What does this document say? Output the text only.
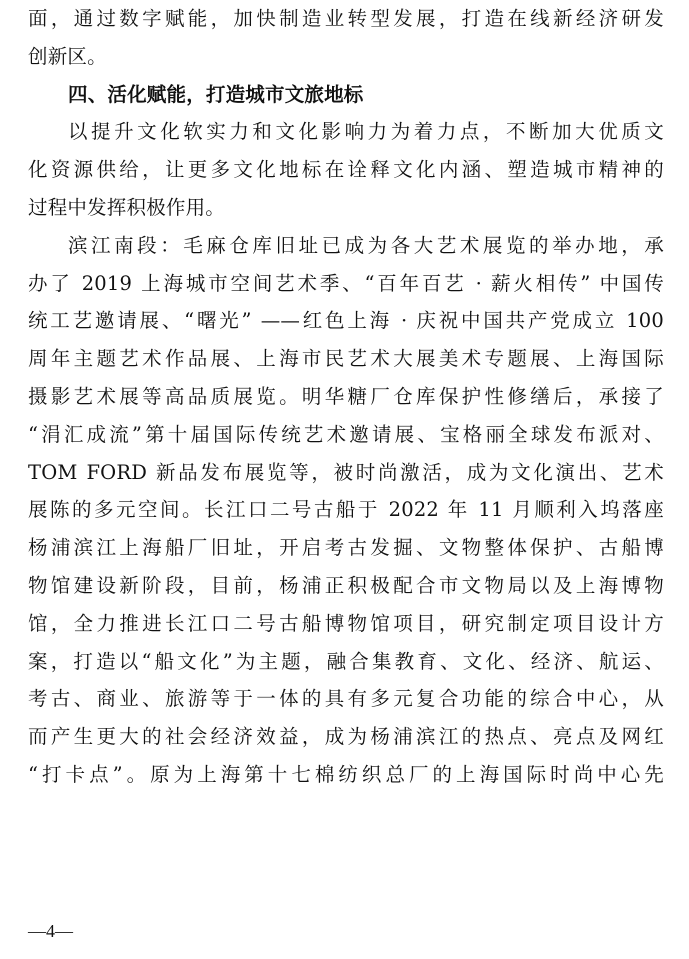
面，通过数字赋能，加快制造业转型发展，打造在线新经济研发
创新区。
四、活化赋能，打造城市文旅地标
以提升文化软实力和文化影响力为着力点，不断加大优质文
化资源供给，让更多文化地标在诠释文化内涵、塑造城市精神的
过程中发挥积极作用。
滨江南段：毛麻仓库旧址已成为各大艺术展览的举办地，承
办了 2019 上海城市空间艺术季、“百年百艺 · 薪火相传” 中国传
统工艺邀请展、“曙光” ——红色上海 · 庆祝中国共产党成立 100
周年主题艺术作品展、上海市民艺术大展美术专题展、上海国际
摄影艺术展等高品质展览。明华糖厂仓库保护性修缮后，承接了
“涓汇成流”第十届国际传统艺术邀请展、宝格丽全球发布派对、
TOM FORD 新品发布展览等，被时尚激活，成为文化演出、艺术
展陈的多元空间。长江口二号古船于 2022 年 11 月顺利入坞落座
杨浦滨江上海船厂旧址，开启考古发掘、文物整体保护、古船博
物馆建设新阶段，目前，杨浦正积极配合市文物局以及上海博物
馆，全力推进长江口二号古船博物馆项目，研究制定项目设计方
案，打造以“船文化”为主题，融合集教育、文化、经济、航运、
考古、商业、旅游等于一体的具有多元复合功能的综合中心，从
而产生更大的社会经济效益，成为杨浦滨江的热点、亮点及网红
“打卡点”。原为上海第十七棉纺织总厂的上海国际时尚中心先
—4—
